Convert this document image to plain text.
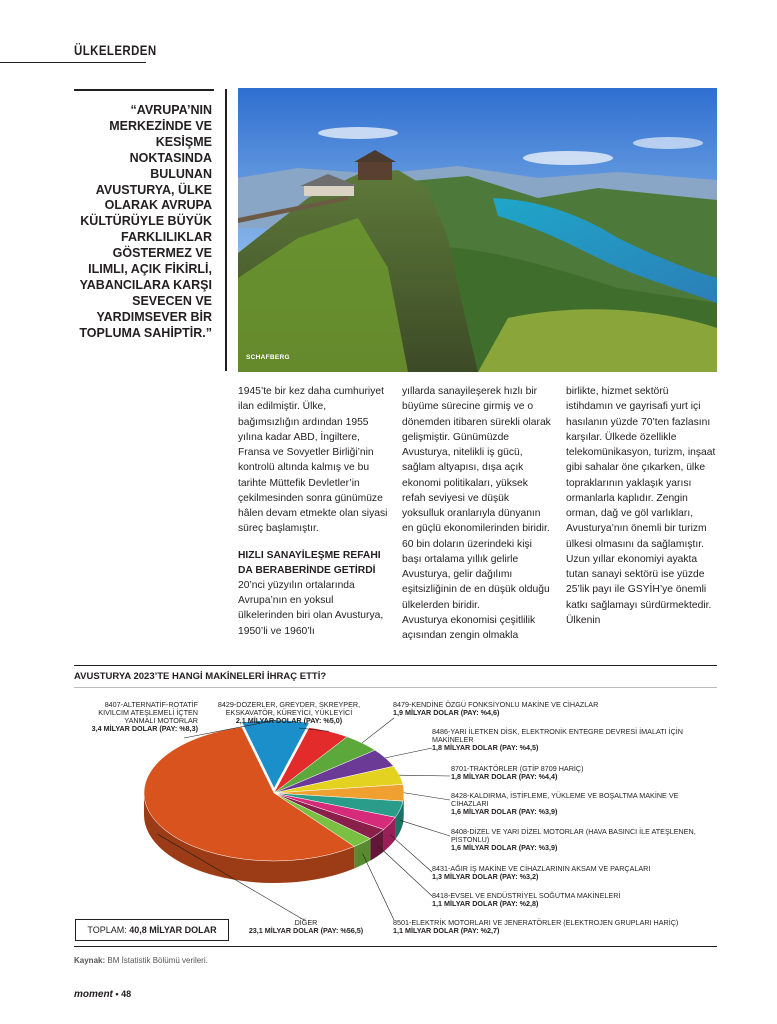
ÜLKELERDEN
“AVRUPA’NIN MERKEZİNDE VE KESİŞME NOKTASINDA BULUNAN AVUSTURYA, ÜLKE OLARAK AVRUPA KÜLTÜRÜYLE BÜYÜK FARKLILIKLAR GÖSTERMEZ VE ILIMLI, AÇIK FİKİRLİ, YABANCILARA KARŞI SEVECEN VE YARDIMSEVER BİR TOPLUMA SAHİPTİR.”
SCHAFBERG

1945’te bir kez daha cumhuriyet ilan edilmiştir. Ülke, bağımsızlığın ardından 1955 yılına kadar ABD, İngiltere, Fransa ve Sovyetler Birliği’nin kontrolü altında kalmış ve bu tarihte Müttefik Devletler’in çekilmesinden sonra günümüze hâlen devam etmekte olan siyasi süreç başlamıştır.

HIZLI SANAYİLEŞME REFAHI DA BERABERİNDE GETİRDİ

20’nci yüzyılın ortalarında Avrupa’nın en yoksul ülkelerinden biri olan Avusturya, 1950’li ve 1960’lı

yıllarda sanayileşerek hızlı bir büyüme sürecine girmiş ve o dönemden itibaren sürekli olarak gelişmiştir. Günümüzde Avusturya, nitelikli iş gücü, sağlam altyapısı, dışa açık ekonomi politikaları, yüksek refah seviyesi ve düşük yoksulluk oranlarıyla dünyanın en güçlü ekonomilerinden biridir. 60 bin doların üzerindeki kişi başı ortalama yıllık gelirle Avusturya, gelir dağılımı eşitsizliğinin de en düşük olduğu ülkelerden biridir.

Avusturya ekonomisi çeşitlilik açısından zengin olmakla

birlikte, hizmet sektörü istihdamın ve gayrisafi yurt içi hasılanın yüzde 70’ten fazlasını karşılar. Ülkede özellikle telekomünikasyon, turizm, inşaat gibi sahalar öne çıkarken, ülke topraklarının yaklaşık yarısı ormanlarla kaplıdır. Zengin orman, dağ ve göl varlıkları, Avusturya’nın önemli bir turizm ülkesi olmasını da sağlamıştır.

Uzun yıllar ekonomiyi ayakta tutan sanayi sektörü ise yüzde 25’lik payı ile GSYİH’ye önemli katkı sağlamayı sürdürmektedir. Ülkenin

AVUSTURYA 2023’TE HANGİ MAKİNELERİ İHRAÇ ETTİ?
8407-ALTERNATİF-ROTATİF KIVILCIM ATEŞLEMELİ İÇTEN YANMALI MOTORLAR
3,4 MİLYAR DOLAR (PAY: %8,3)
8429-DOZERLER, GREYDER, SKREYPER, EKSKAVATÖR, KÜREYİCİ, YÜKLEYİCİ
2,1 MİLYAR DOLAR (PAY: %5,0)
8479-KENDİNE ÖZGÜ FONKSİYONLU MAKİNE VE CİHAZLAR
1,9 MİLYAR DOLAR (PAY: %4,6)
8486-YARI İLETKEN DİSK, ELEKTRONİK ENTEGRE DEVRESİ İMALATI İÇİN MAKİNELER
1,8 MİLYAR DOLAR (PAY: %4,5)
8701-TRAKTÖRLER (GTİP 8709 HARİÇ)
1,8 MİLYAR DOLAR (PAY: %4,4)
8428-KALDIRMA, İSTİFLEME, YÜKLEME VE BOŞALTMA MAKİNE VE CİHAZLARI
1,6 MİLYAR DOLAR (PAY: %3,9)
8408-DİZEL VE YARI DİZEL MOTORLAR (HAVA BASINCI İLE ATEŞLENEN, PİSTONLU)
1,6 MİLYAR DOLAR (PAY: %3,9)
8431-AĞIR İŞ MAKİNE VE CİHAZLARININ AKSAM VE PARÇALARI
1,3 MİLYAR DOLAR (PAY: %3,2)
8418-EVSEL VE ENDÜSTRİYEL SOĞUTMA MAKİNELERİ
1,1 MİLYAR DOLAR (PAY: %2,8)
8501-ELEKTRİK MOTORLARI VE JENERATÖRLER (ELEKTROJEN GRUPLARI HARİÇ)
1,1 MİLYAR DOLAR (PAY: %2,7)
DİĞER
23,1 MİLYAR DOLAR (PAY: %56,5)
TOPLAM: 40,8 MİLYAR DOLAR
Kaynak: BM İstatistik Bölümü verileri.
moment • 48
